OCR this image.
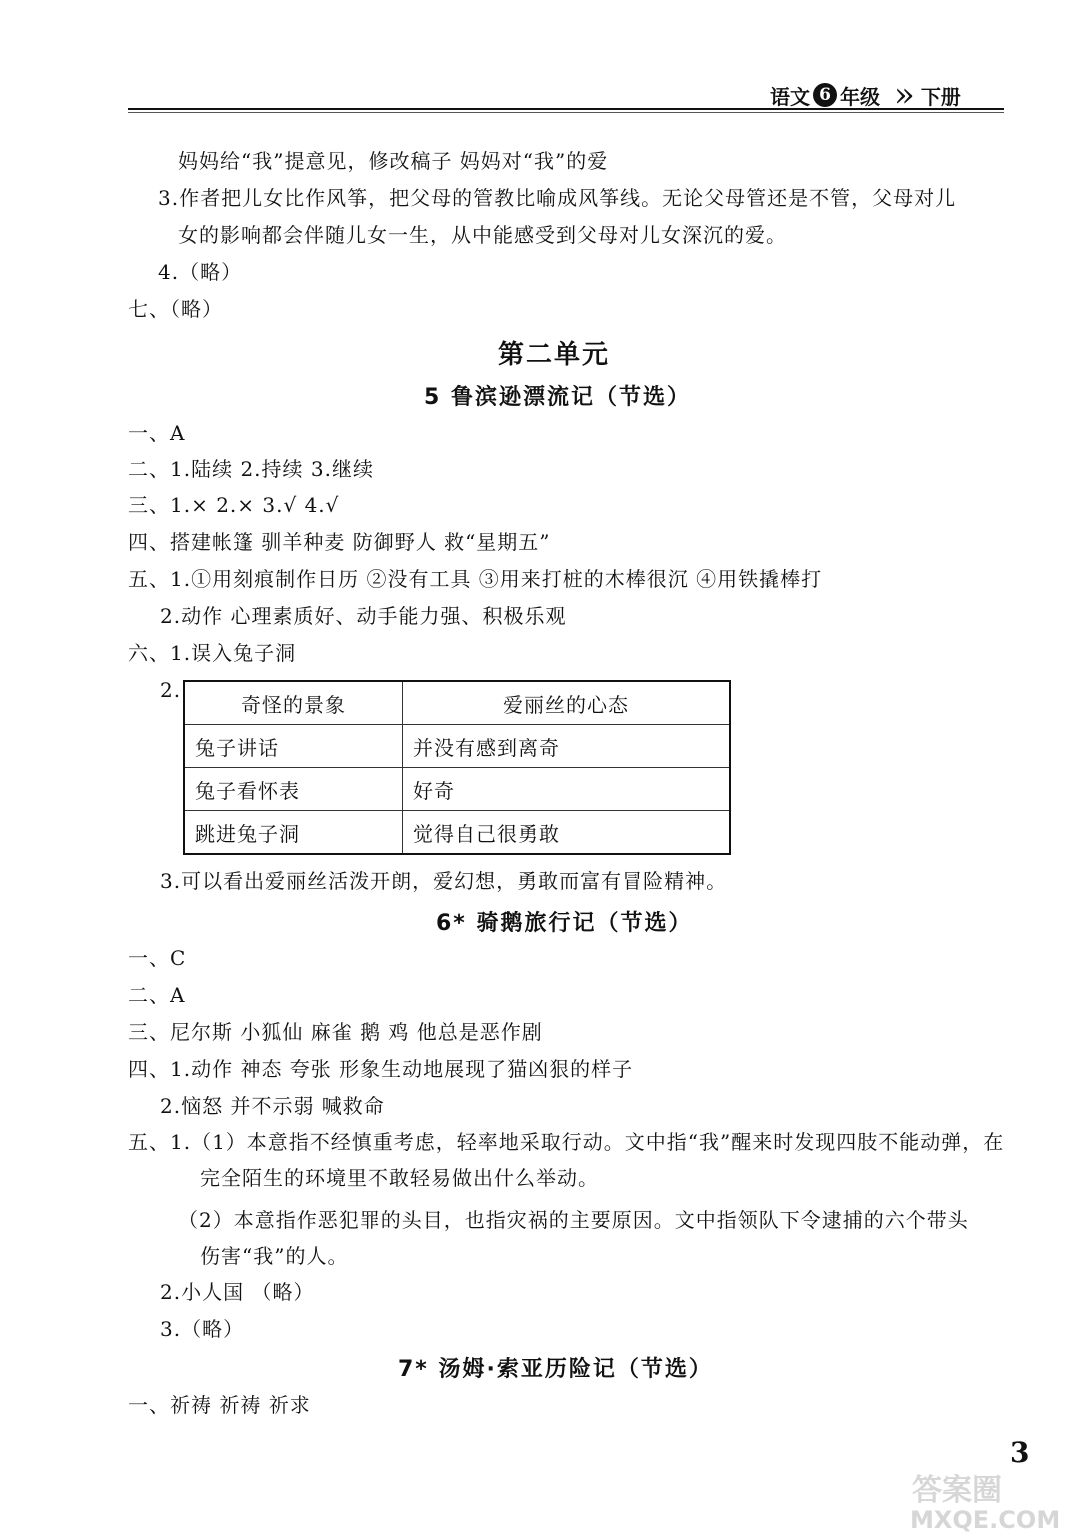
语文 6 年级 » 下册
妈妈给“我”提意见，修改稿子 妈妈对“我”的爱
3.作者把儿女比作风筝，把父母的管教比喻成风筝线。无论父母管还是不管，父母对儿
女的影响都会伴随儿女一生，从中能感受到父母对儿女深沉的爱。
4.（略）
七、（略）
第二单元
5 鲁滨逊漂流记（节选）
一、A
二、1.陆续 2.持续 3.继续
三、1.× 2.× 3.√ 4.√
四、搭建帐篷 驯羊种麦 防御野人 救“星期五”
五、1.①用刻痕制作日历 ②没有工具 ③用来打桩的木棒很沉 ④用铁撬棒打
2.动作 心理素质好、动手能力强、积极乐观
六、1.误入兔子洞
2.
奇怪的景象	爱丽丝的心态
兔子讲话	并没有感到离奇
兔子看怀表	好奇
跳进兔子洞	觉得自己很勇敢
3.可以看出爱丽丝活泼开朗，爱幻想，勇敢而富有冒险精神。
6* 骑鹅旅行记（节选）
一、C
二、A
三、尼尔斯 小狐仙 麻雀 鹅 鸡 他总是恶作剧
四、1.动作 神态 夸张 形象生动地展现了猫凶狠的样子
2.恼怒 并不示弱 喊救命
五、1.（1）本意指不经慎重考虑，轻率地采取行动。文中指“我”醒来时发现四肢不能动弹，在
完全陌生的环境里不敢轻易做出什么举动。
（2）本意指作恶犯罪的头目，也指灾祸的主要原因。文中指领队下令逮捕的六个带头
伤害“我”的人。
2.小人国 （略）
3.（略）
7* 汤姆·索亚历险记（节选）
一、祈祷 祈祷 祈求
3
答案圈
MXQE.COM
